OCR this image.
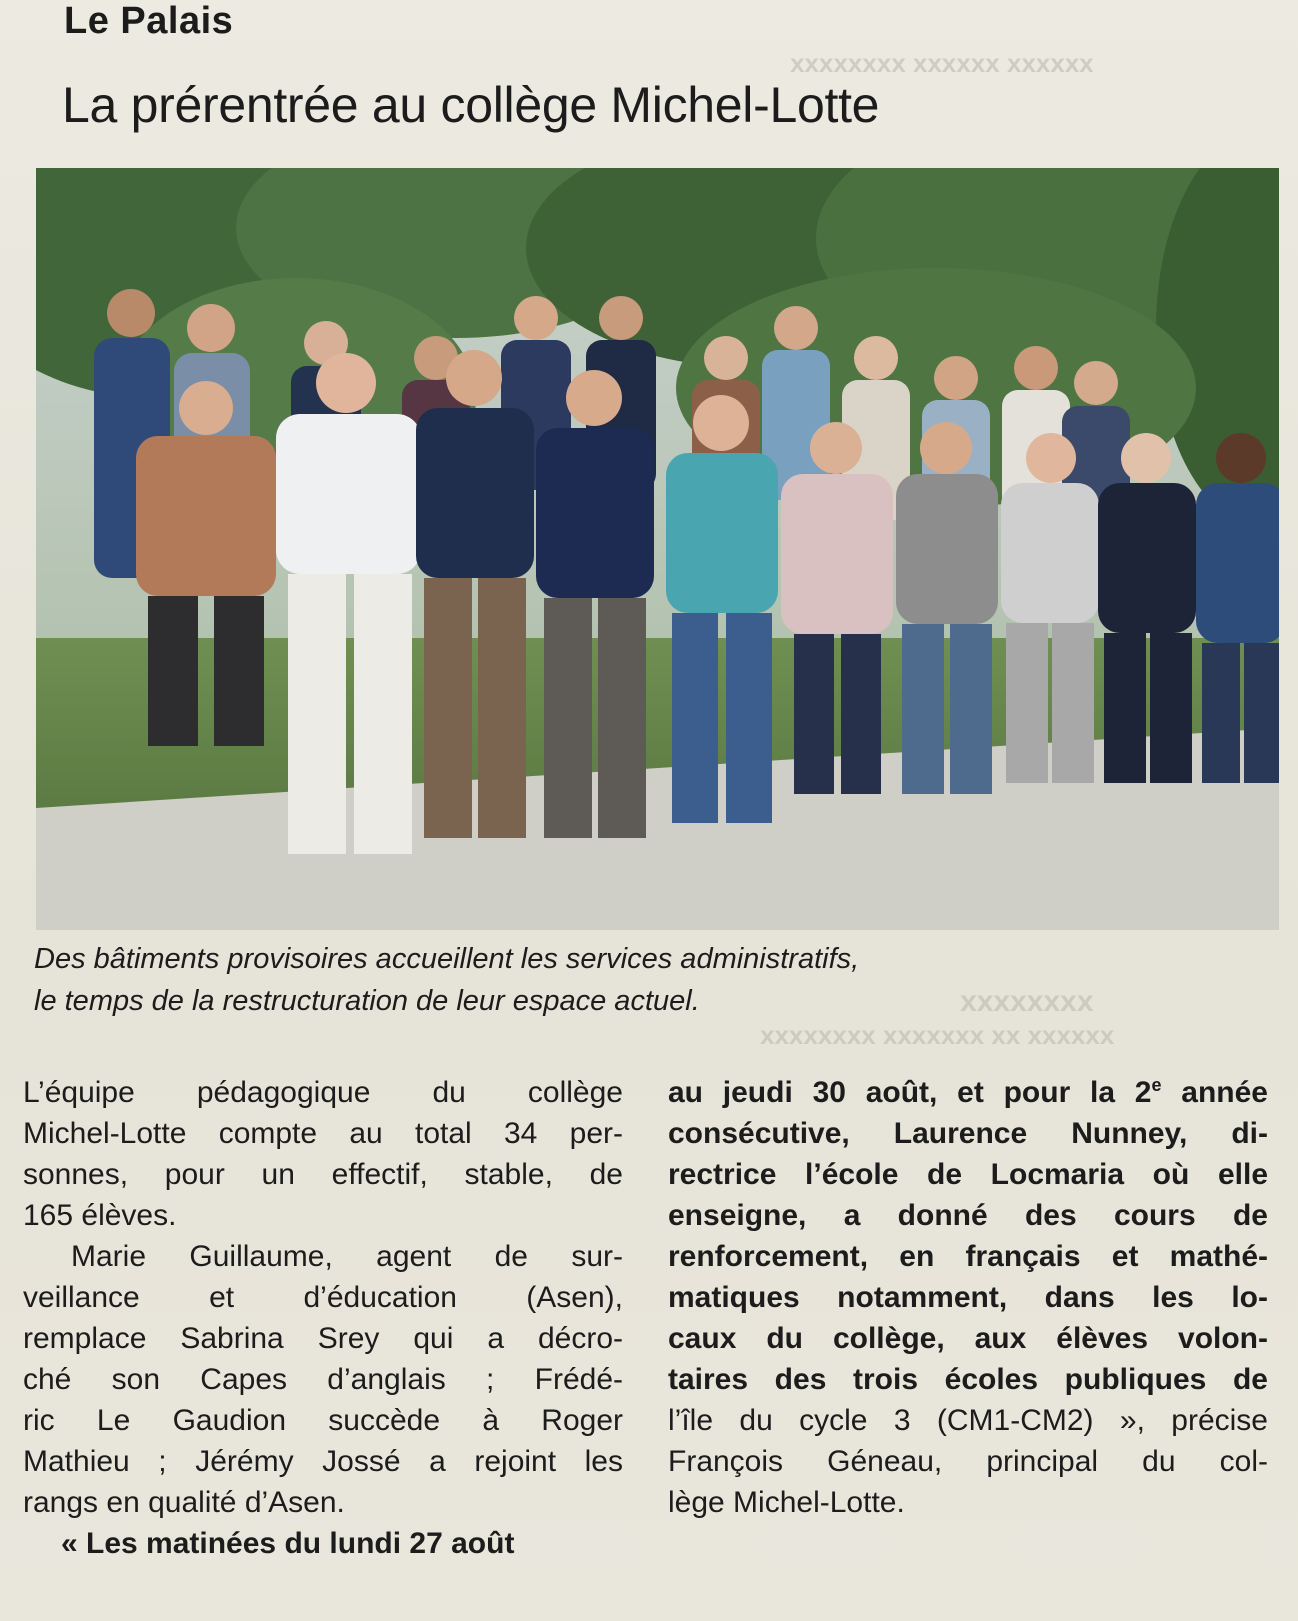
xxxxxx xxxxxx xxxxxxxx
xxxxxxxx
xxxxxx xx xxxxxxx xxxxxxxx
Le Palais
La prérentrée au collège Michel-Lotte
Des bâtiments provisoires accueillent les services administratifs,
le temps de la restructuration de leur espace actuel.
L’équipe pédagogique du collège
Michel-Lotte compte au total 34 per-
sonnes, pour un effectif, stable, de
165 élèves.
Marie Guillaume, agent de sur-
veillance et d’éducation (Asen),
remplace Sabrina Srey qui a décro-
ché son Capes d’anglais ; Frédé-
ric Le Gaudion succède à Roger
Mathieu ; Jérémy Jossé a rejoint les
rangs en qualité d’Asen.
« Les matinées du lundi 27 août
au jeudi 30 août, et pour la 2e année
consécutive, Laurence Nunney, di-
rectrice l’école de Locmaria où elle
enseigne, a donné des cours de
renforcement, en français et mathé-
matiques notamment, dans les lo-
caux du collège, aux élèves volon-
taires des trois écoles publiques de
l’île du cycle 3 (CM1-CM2) », précise
François Géneau, principal du col-
lège Michel-Lotte.
